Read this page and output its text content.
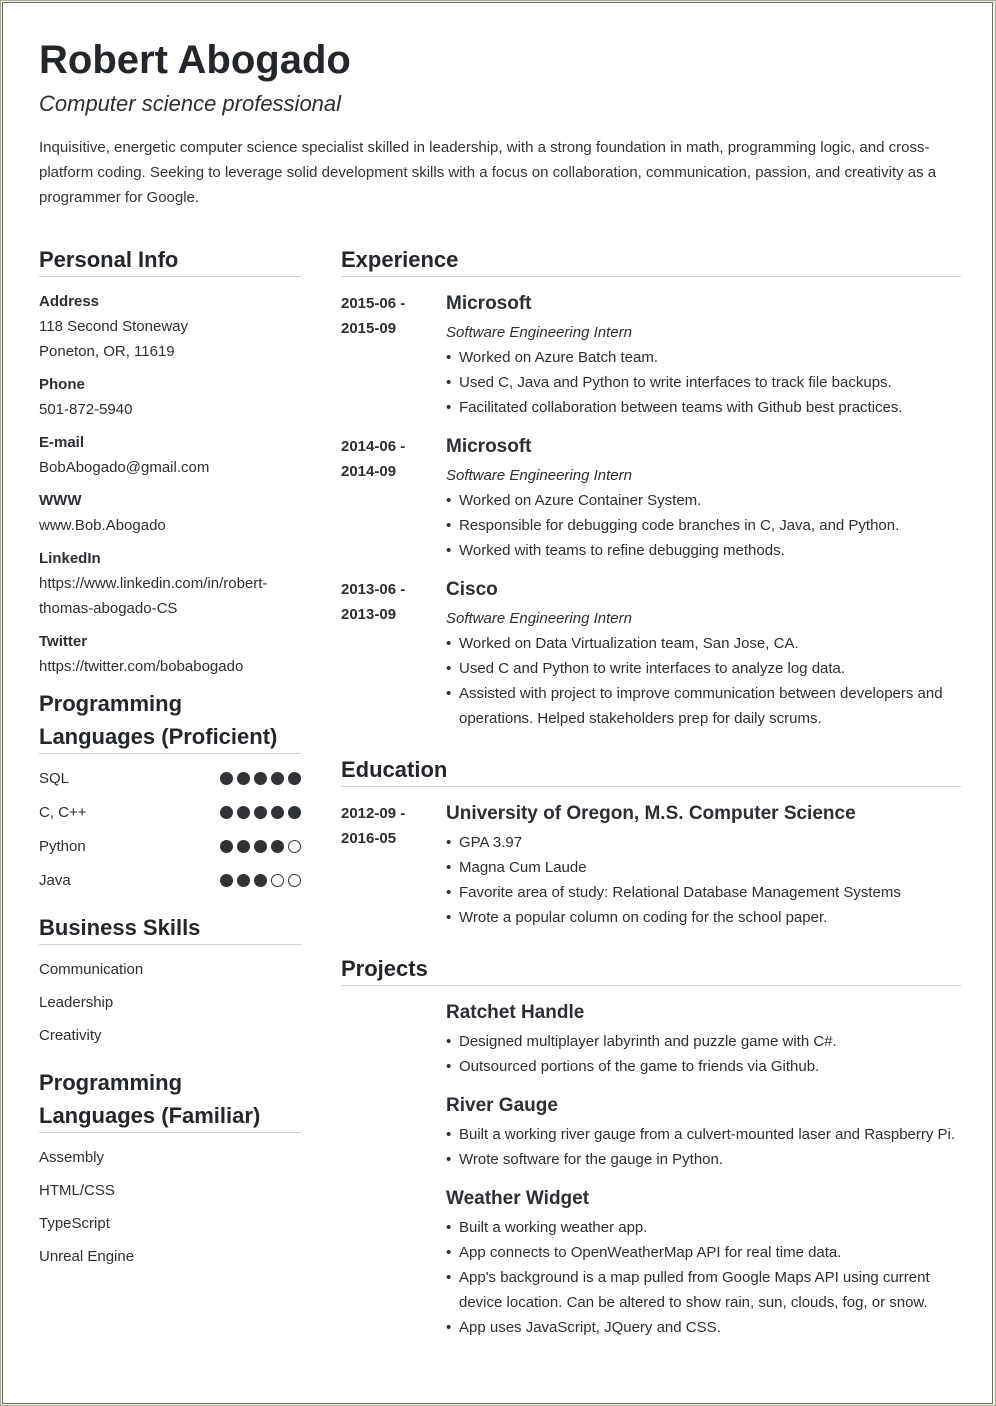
Robert Abogado
Computer science professional
Inquisitive, energetic computer science specialist skilled in leadership, with a strong foundation in math, programming logic, and cross-platform coding. Seeking to leverage solid development skills with a focus on collaboration, communication, passion, and creativity as a programmer for Google.
Personal Info
Address
118 Second Stoneway
Poneton, OR, 11619
Phone
501-872-5940
E-mail
BobAbogado@gmail.com
WWW
www.Bob.Abogado
LinkedIn
https://www.linkedin.com/in/robert-thomas-abogado-CS
Twitter
https://twitter.com/bobabogado
Programming Languages (Proficient)
SQL
C, C++
Python
Java
Business Skills
Communication
Leadership
Creativity
Programming Languages (Familiar)
Assembly
HTML/CSS
TypeScript
Unreal Engine
Experience
2015-06 -
2015-09
Microsoft
Software Engineering Intern
• Worked on Azure Batch team.
• Used C, Java and Python to write interfaces to track file backups.
• Facilitated collaboration between teams with Github best practices.
2014-06 -
2014-09
Microsoft
Software Engineering Intern
• Worked on Azure Container System.
• Responsible for debugging code branches in C, Java, and Python.
• Worked with teams to refine debugging methods.
2013-06 -
2013-09
Cisco
Software Engineering Intern
• Worked on Data Virtualization team, San Jose, CA.
• Used C and Python to write interfaces to analyze log data.
• Assisted with project to improve communication between developers and operations. Helped stakeholders prep for daily scrums.
Education
2012-09 -
2016-05
University of Oregon, M.S. Computer Science
• GPA 3.97
• Magna Cum Laude
• Favorite area of study: Relational Database Management Systems
• Wrote a popular column on coding for the school paper.
Projects
Ratchet Handle
• Designed multiplayer labyrinth and puzzle game with C#.
• Outsourced portions of the game to friends via Github.
River Gauge
• Built a working river gauge from a culvert-mounted laser and Raspberry Pi.
• Wrote software for the gauge in Python.
Weather Widget
• Built a working weather app.
• App connects to OpenWeatherMap API for real time data.
• App's background is a map pulled from Google Maps API using current device location. Can be altered to show rain, sun, clouds, fog, or snow.
• App uses JavaScript, JQuery and CSS.
